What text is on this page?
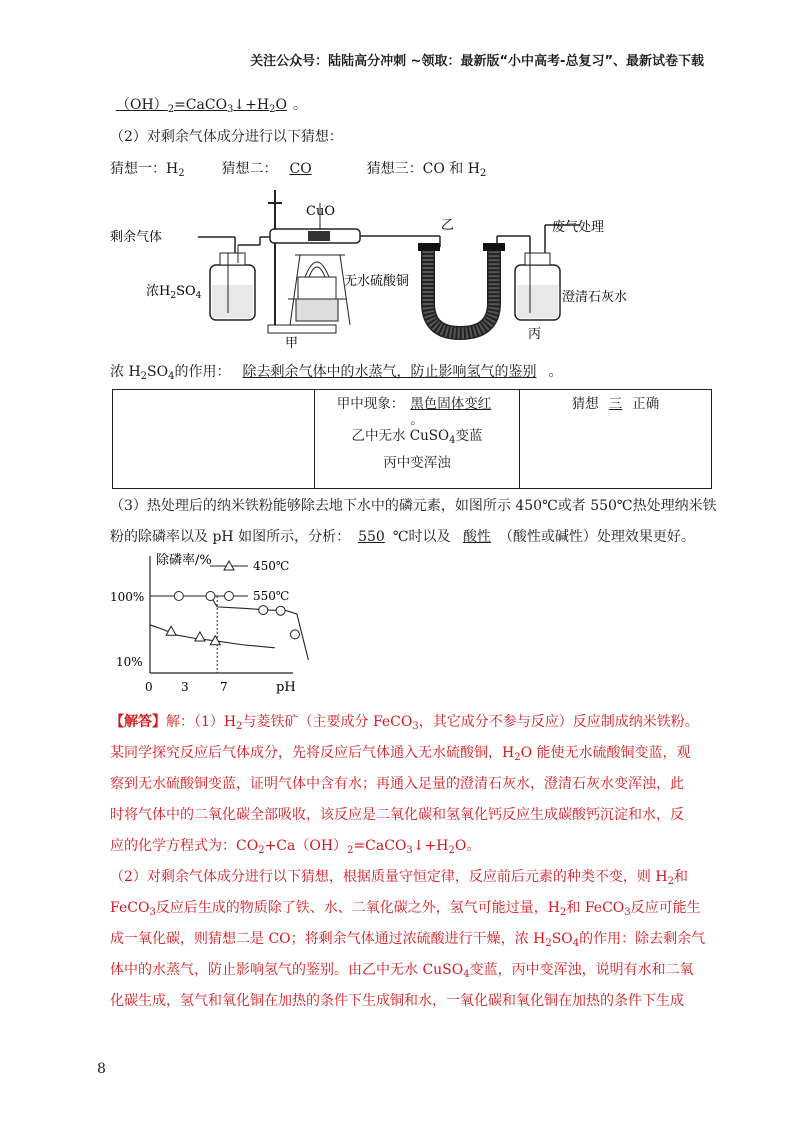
关注公众号：陆陆高分冲刺 ~领取：最新版“小中高考-总复习”、最新试卷下载
$(OH)_2=CaCO_3↓+H_2O$ 。
（2）对剩余气体成分进行以下猜想：
猜想一：$H_2$	猜想二： CO	猜想三：CO 和 $H_2$
CuO
乙	废气处理
剩余气体
浓$H_2SO_4$
无水硫酸铜
澄清石灰水
甲
丙
浓 $H_2SO_4$的作用： 除去剩余气体中的水蒸气，防止影响氢气的鉴别 。

甲中现象： 黑色固体变红
。
乙中无水 CuSO$_4$变蓝
丙中变浑浊
	猜想 三 正确
（3）热处理后的纳米铁粉能够除去地下水中的磷元素，如图所示 450℃或者 550℃热处理纳米铁
粉的除磷率以及 pH 如图所示，分析： 550 ℃时以及 酸性 （酸性或碱性）处理效果更好。
除磷率/%
pH
100%
10%
0 3	7
450℃
550℃
【解答】解：$(1)H_2$与菱铁矿（主要成分 FeCO$_3$，其它成分不参与反应）反应制成纳米铁粉。
某同学探究反应后气体成分，先将反应后气体通入无水硫酸铜，$H_2O$ 能使无水硫酸铜变蓝，观
察到无水硫酸铜变蓝，证明气体中含有水；再通入足量的澄清石灰水，澄清石灰水变浑浊，此
时将气体中的二氧化碳全部吸收，该反应是二氧化碳和氢氧化钙反应生成碳酸钙沉淀和水，反
应的化学方程式为：$CO_2+Ca(OH)_2=CaCO_3↓+H_2O$。
（2）对剩余气体成分进行以下猜想，根据质量守恒定律，反应前后元素的种类不变，则 $H_2$和
FeCO$_3$反应后生成的物质除了铁、水、二氧化碳之外，氢气可能过量，$H_2$和 FeCO$_3$反应可能生
成一氧化碳，则猜想二是 CO；将剩余气体通过浓硫酸进行干燥，浓 $H_2SO_4$的作用：除去剩余气
体中的水蒸气，防止影响氢气的鉴别。由乙中无水 CuSO$_4$变蓝，丙中变浑浊，说明有水和二氧
化碳生成，氢气和氧化铜在加热的条件下生成铜和水，一氧化碳和氧化铜在加热的条件下生成
8
